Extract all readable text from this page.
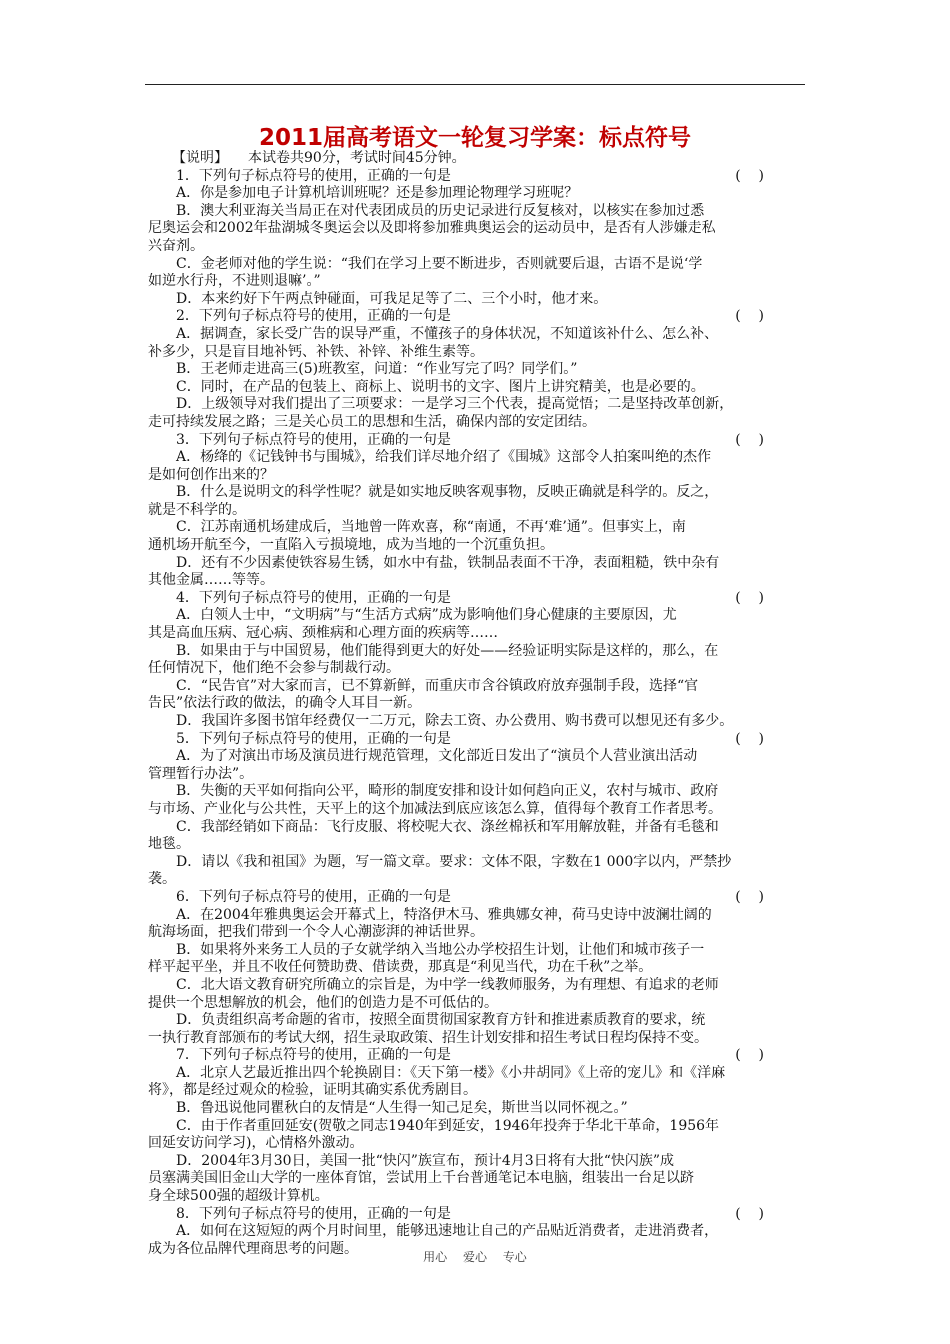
2011届高考语文一轮复习学案：标点符号
【说明】 本试卷共90分，考试时间45分钟。
1．下列句子标点符号的使用，正确的一句是	(    )
A．你是参加电子计算机培训班呢？还是参加理论物理学习班呢？
B．澳大利亚海关当局正在对代表团成员的历史记录进行反复核对，以核实在参加过悉
尼奥运会和2002年盐湖城冬奥运会以及即将参加雅典奥运会的运动员中，是否有人涉嫌走私
兴奋剂。
C．金老师对他的学生说：“我们在学习上要不断进步，否则就要后退，古语不是说‘学
如逆水行舟，不进则退嘛’。”
D．本来约好下午两点钟碰面，可我足足等了二、三个小时，他才来。
2．下列句子标点符号的使用，正确的一句是	(    )
A．据调查，家长受广告的误导严重，不懂孩子的身体状况，不知道该补什么、怎么补、
补多少，只是盲目地补钙、补铁、补锌、补维生素等。
B．王老师走进高三(5)班教室，问道：“作业写完了吗？同学们。”
C．同时，在产品的包装上、商标上、说明书的文字、图片上讲究精美，也是必要的。
D．上级领导对我们提出了三项要求：一是学习三个代表，提高觉悟；二是坚持改革创新，
走可持续发展之路；三是关心员工的思想和生活，确保内部的安定团结。
3．下列句子标点符号的使用，正确的一句是	(    )
A．杨绛的《记钱钟书与围城》，给我们详尽地介绍了《围城》这部令人拍案叫绝的杰作
是如何创作出来的？
B．什么是说明文的科学性呢？就是如实地反映客观事物，反映正确就是科学的。反之，
就是不科学的。
C．江苏南通机场建成后，当地曾一阵欢喜，称“南通，不再‘难’通”。但事实上，南
通机场开航至今，一直陷入亏损境地，成为当地的一个沉重负担。
D．还有不少因素使铁容易生锈，如水中有盐，铁制品表面不干净，表面粗糙，铁中杂有
其他金属……等等。
4．下列句子标点符号的使用，正确的一句是	(    )
A．白领人士中，“文明病”与“生活方式病”成为影响他们身心健康的主要原因，尤
其是高血压病、冠心病、颈椎病和心理方面的疾病等……
B．如果由于与中国贸易，他们能得到更大的好处——经验证明实际是这样的，那么，在
任何情况下，他们绝不会参与制裁行动。
C．“民告官”对大家而言，已不算新鲜，而重庆市含谷镇政府放弃强制手段，选择“官
告民”依法行政的做法，的确令人耳目一新。
D．我国许多图书馆年经费仅一二万元，除去工资、办公费用、购书费可以想见还有多少。
5．下列句子标点符号的使用，正确的一句是	(    )
A．为了对演出市场及演员进行规范管理，文化部近日发出了“演员个人营业演出活动
管理暂行办法”。
B．失衡的天平如何指向公平，畸形的制度安排和设计如何趋向正义，农村与城市、政府
与市场、产业化与公共性，天平上的这个加减法到底应该怎么算，值得每个教育工作者思考。
C．我部经销如下商品：飞行皮服、将校呢大衣、涤丝棉袄和军用解放鞋，并备有毛毯和
地毯。
D．请以《我和祖国》为题，写一篇文章。要求：文体不限，字数在1 000字以内，严禁抄
袭。
6．下列句子标点符号的使用，正确的一句是	(    )
A．在2004年雅典奥运会开幕式上，特洛伊木马、雅典娜女神，荷马史诗中波澜壮阔的
航海场面，把我们带到一个令人心潮澎湃的神话世界。
B．如果将外来务工人员的子女就学纳入当地公办学校招生计划，让他们和城市孩子一
样平起平坐，并且不收任何赞助费、借读费，那真是“利见当代，功在千秋”之举。
C．北大语文教育研究所确立的宗旨是，为中学一线教师服务，为有理想、有追求的老师
提供一个思想解放的机会，他们的创造力是不可低估的。
D．负责组织高考命题的省市，按照全面贯彻国家教育方针和推进素质教育的要求，统
一执行教育部颁布的考试大纲，招生录取政策、招生计划安排和招生考试日程均保持不变。
7．下列句子标点符号的使用，正确的一句是	(    )
A．北京人艺最近推出四个轮换剧目：《天下第一楼》《小井胡同》《上帝的宠儿》和《洋麻
将》，都是经过观众的检验，证明其确实系优秀剧目。
B．鲁迅说他同瞿秋白的友情是“人生得一知己足矣，斯世当以同怀视之。”
C．由于作者重回延安(贺敬之同志1940年到延安，1946年投奔于华北干革命，1956年
回延安访问学习)，心情格外激动。
D．2004年3月30日，美国一批“快闪”族宣布，预计4月3日将有大批“快闪族”成
员塞满美国旧金山大学的一座体育馆，尝试用上千台普通笔记本电脑，组装出一台足以跻
身全球500强的超级计算机。
8．下列句子标点符号的使用，正确的一句是	(    )
A．如何在这短短的两个月时间里，能够迅速地让自己的产品贴近消费者，走进消费者，
成为各位品牌代理商思考的问题。
用心 爱心 专心
